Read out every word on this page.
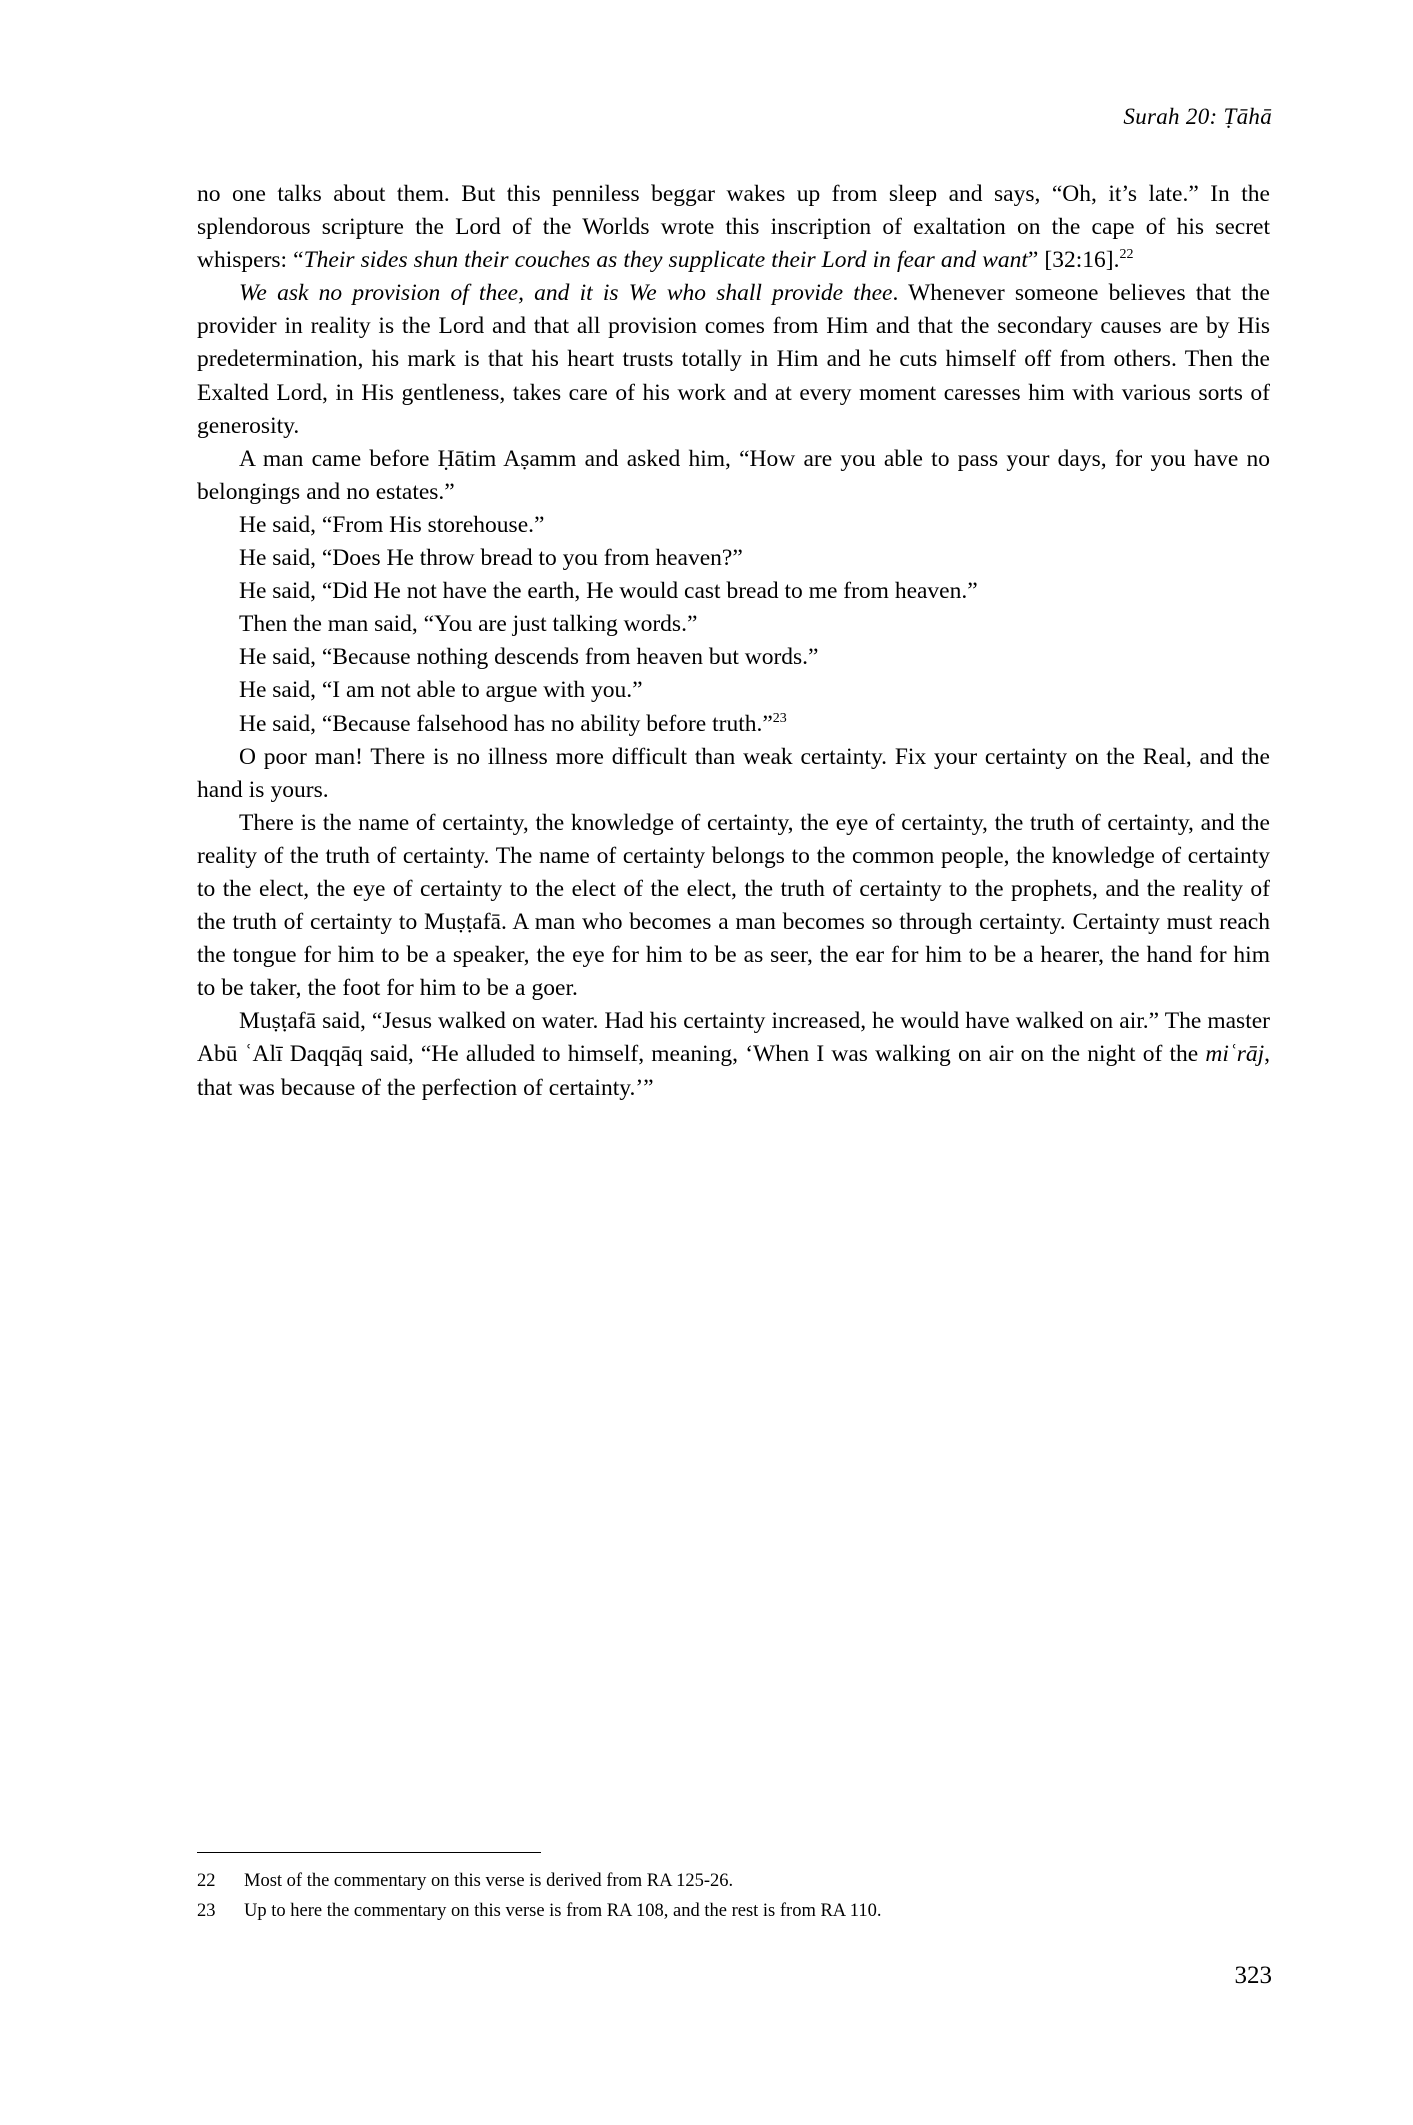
Surah 20: Ṭāhā

no one talks about them. But this penniless beggar wakes up from sleep and says, “Oh, it’s late.” In the splendorous scripture the Lord of the Worlds wrote this inscription of exaltation on the cape of his secret whispers: “Their sides shun their couches as they supplicate their Lord in fear and want” [32:16].$^{22}$

We ask no provision of thee, and it is We who shall provide thee. Whenever someone believes that the provider in reality is the Lord and that all provision comes from Him and that the secondary causes are by His predetermination, his mark is that his heart trusts totally in Him and he cuts himself off from others. Then the Exalted Lord, in His gentleness, takes care of his work and at every moment caresses him with various sorts of generosity.

A man came before Ḥātim Aṣamm and asked him, “How are you able to pass your days, for you have no belongings and no estates.”

He said, “From His storehouse.”

He said, “Does He throw bread to you from heaven?”

He said, “Did He not have the earth, He would cast bread to me from heaven.”

Then the man said, “You are just talking words.”

He said, “Because nothing descends from heaven but words.”

He said, “I am not able to argue with you.”

He said, “Because falsehood has no ability before truth.”$^{23}$

O poor man! There is no illness more difficult than weak certainty. Fix your certainty on the Real, and the hand is yours.

There is the name of certainty, the knowledge of certainty, the eye of certainty, the truth of certainty, and the reality of the truth of certainty. The name of certainty belongs to the common people, the knowledge of certainty to the elect, the eye of certainty to the elect of the elect, the truth of certainty to the prophets, and the reality of the truth of certainty to Muṣṭafā. A man who becomes a man becomes so through certainty. Certainty must reach the tongue for him to be a speaker, the eye for him to be as seer, the ear for him to be a hearer, the hand for him to be taker, the foot for him to be a goer.

Muṣṭafā said, “Jesus walked on water. Had his certainty increased, he would have walked on air.” The master Abū ʿAlī Daqqāq said, “He alluded to himself, meaning, ‘When I was walking on air on the night of the miʿrāj, that was because of the perfection of certainty.’”

22	Most of the commentary on this verse is derived from RA 125-26.
23	Up to here the commentary on this verse is from RA 108, and the rest is from RA 110.
323
